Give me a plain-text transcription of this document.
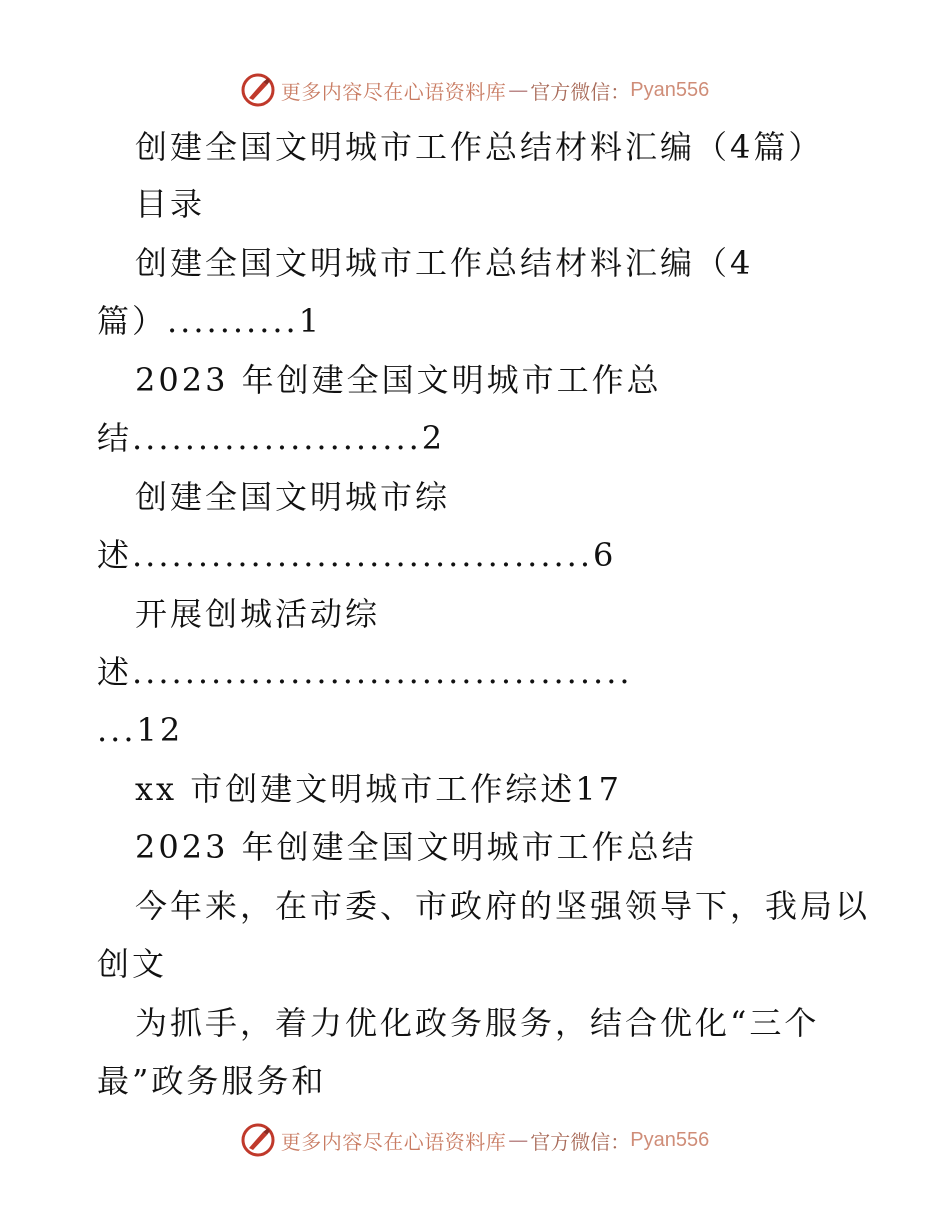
更多内容尽在心语资料库 — 官方微信： Pyan556
创建全国文明城市工作总结材料汇编（4篇）
目录
创建全国文明城市工作总结材料汇编（4
篇）..........1
2023 年创建全国文明城市工作总
结......................2
创建全国文明城市综
述...................................6
开展创城活动综
述......................................
...12
xx 市创建文明城市工作综述17
2023 年创建全国文明城市工作总结
今年来，在市委、市政府的坚强领导下，我局以
创文
为抓手，着力优化政务服务，结合优化“三个
最”政务服务和
更多内容尽在心语资料库 — 官方微信： Pyan556
